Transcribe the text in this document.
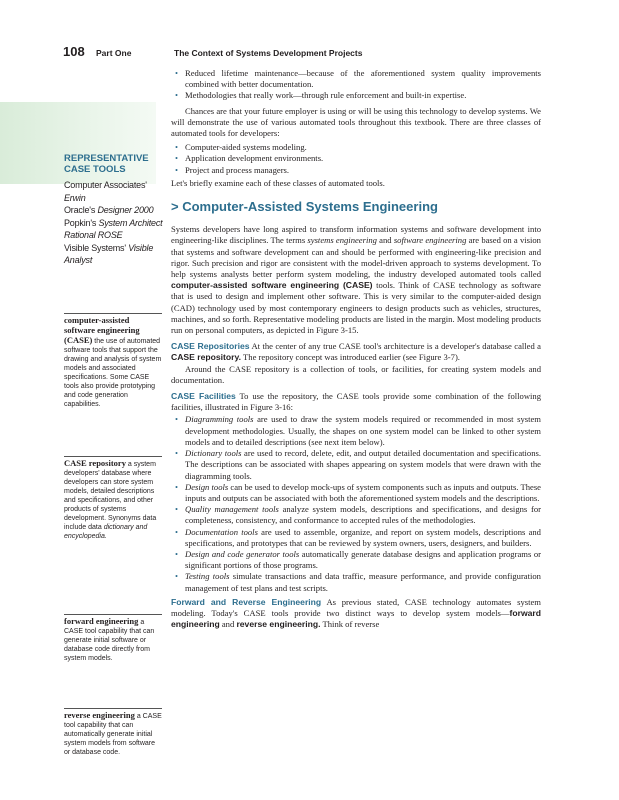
108 Part One	The Context of Systems Development Projects
REPRESENTATIVE
CASE TOOLS
Computer Associates' Erwin
Oracle's Designer 2000
Popkin's System Architect
Rational ROSE
Visible Systems' Visible
Analyst
• Reduced lifetime maintenance—because of the aforementioned system quality improvements combined with better documentation.
• Methodologies that really work—through rule enforcement and built-in expertise.

Chances are that your future employer is using or will be using this technology to develop systems. We will demonstrate the use of various automated tools throughout this textbook. There are three classes of automated tools for developers:

• Computer-aided systems modeling.
• Application development environments.
• Project and process managers.

Let's briefly examine each of these classes of automated tools.

> Computer-Assisted Systems Engineering

Systems developers have long aspired to transform information systems and software development into engineering-like disciplines. The terms systems engineering and software engineering are based on a vision that systems and software development can and should be performed with engineering-like precision and rigor. Such precision and rigor are consistent with the model-driven approach to systems development. To help systems analysts better perform system modeling, the industry developed automated tools called computer-assisted software engineering (CASE) tools. Think of CASE technology as software that is used to design and implement other software. This is very similar to the computer-aided design (CAD) technology used by most contemporary engineers to design products such as vehicles, structures, machines, and so forth. Representative modeling products are listed in the margin. Most modeling products run on personal computers, as depicted in Figure 3-15.

CASE Repositories At the center of any true CASE tool's architecture is a developer's database called a CASE repository. The repository concept was introduced earlier (see Figure 3-7).

Around the CASE repository is a collection of tools, or facilities, for creating system models and documentation.

CASE Facilities To use the repository, the CASE tools provide some combination of the following facilities, illustrated in Figure 3-16:

• Diagramming tools are used to draw the system models required or recommended in most system development methodologies. Usually, the shapes on one system model can be linked to other system models and to detailed descriptions (see next item below).
• Dictionary tools are used to record, delete, edit, and output detailed documentation and specifications. The descriptions can be associated with shapes appearing on system models that were drawn with the diagramming tools.
• Design tools can be used to develop mock-ups of system components such as inputs and outputs. These inputs and outputs can be associated with both the aforementioned system models and the descriptions.
• Quality management tools analyze system models, descriptions and specifications, and designs for completeness, consistency, and conformance to accepted rules of the methodologies.
• Documentation tools are used to assemble, organize, and report on system models, descriptions and specifications, and prototypes that can be reviewed by system owners, users, designers, and builders.
• Design and code generator tools automatically generate database designs and application programs or significant portions of those programs.
• Testing tools simulate transactions and data traffic, measure performance, and provide configuration management of test plans and test scripts.

Forward and Reverse Engineering As previous stated, CASE technology automates system modeling. Today's CASE tools provide two distinct ways to develop system models—forward engineering and reverse engineering. Think of reverse

computer-assisted software engineering (CASE) the use of automated software tools that support the drawing and analysis of system models and associated specifications. Some CASE tools also provide prototyping and code generation capabilities.
CASE repository a system developers' database where developers can store system models, detailed descriptions and specifications, and other products of systems development. Synonyms data include data dictionary and encyclopedia.
forward engineering a CASE tool capability that can generate initial software or database code directly from system models.
reverse engineering a CASE tool capability that can automatically generate initial system models from software or database code.
